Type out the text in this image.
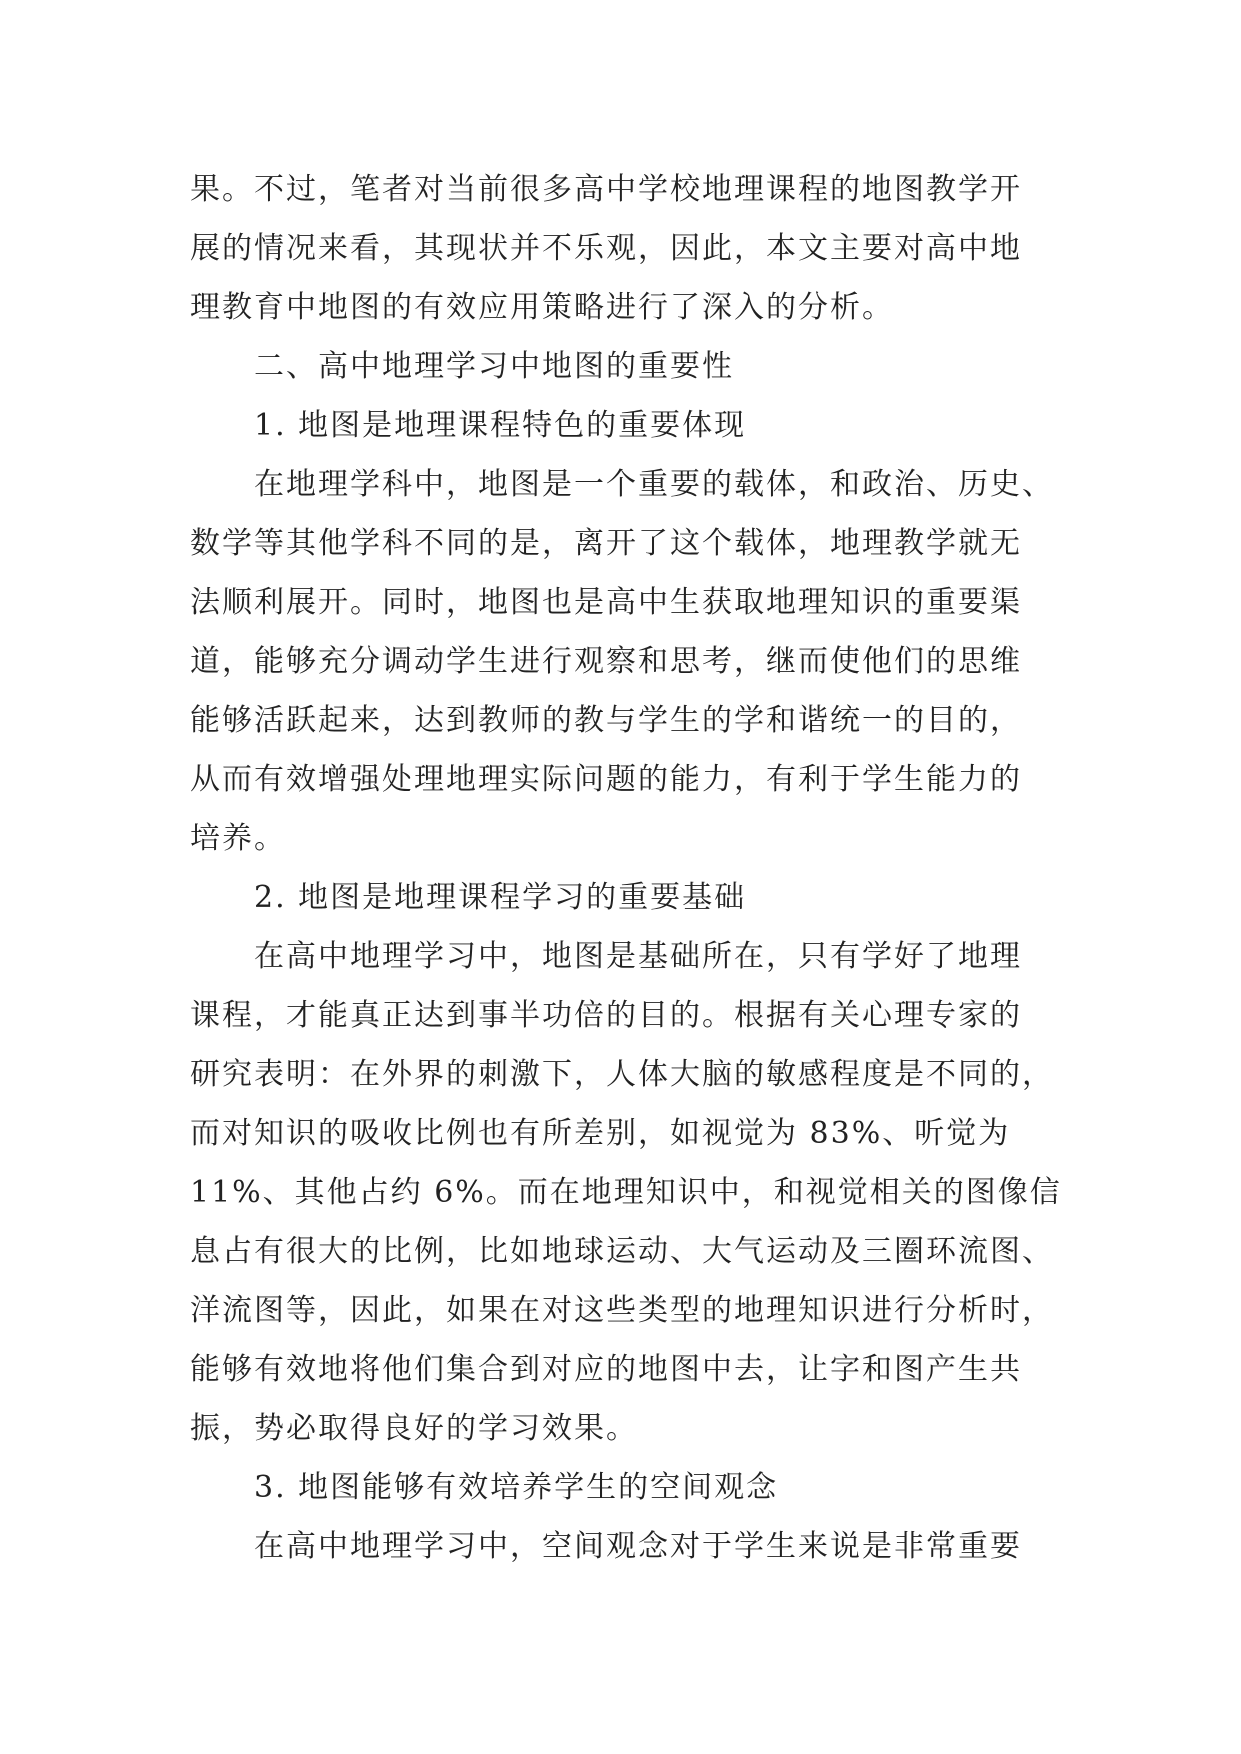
果。不过，笔者对当前很多高中学校地理课程的地图教学开
展的情况来看，其现状并不乐观，因此，本文主要对高中地
理教育中地图的有效应用策略进行了深入的分析。
二、高中地理学习中地图的重要性
1. 地图是地理课程特色的重要体现
在地理学科中，地图是一个重要的载体，和政治、历史、
数学等其他学科不同的是，离开了这个载体，地理教学就无
法顺利展开。同时，地图也是高中生获取地理知识的重要渠
道，能够充分调动学生进行观察和思考，继而使他们的思维
能够活跃起来，达到教师的教与学生的学和谐统一的目的，
从而有效增强处理地理实际问题的能力，有利于学生能力的
培养。
2. 地图是地理课程学习的重要基础
在高中地理学习中，地图是基础所在，只有学好了地理
课程，才能真正达到事半功倍的目的。根据有关心理专家的
研究表明：在外界的刺激下，人体大脑的敏感程度是不同的，
而对知识的吸收比例也有所差别，如视觉为 83%、听觉为
11%、其他占约 6%。而在地理知识中，和视觉相关的图像信
息占有很大的比例，比如地球运动、大气运动及三圈环流图、
洋流图等，因此，如果在对这些类型的地理知识进行分析时，
能够有效地将他们集合到对应的地图中去，让字和图产生共
振，势必取得良好的学习效果。
3. 地图能够有效培养学生的空间观念
在高中地理学习中，空间观念对于学生来说是非常重要
